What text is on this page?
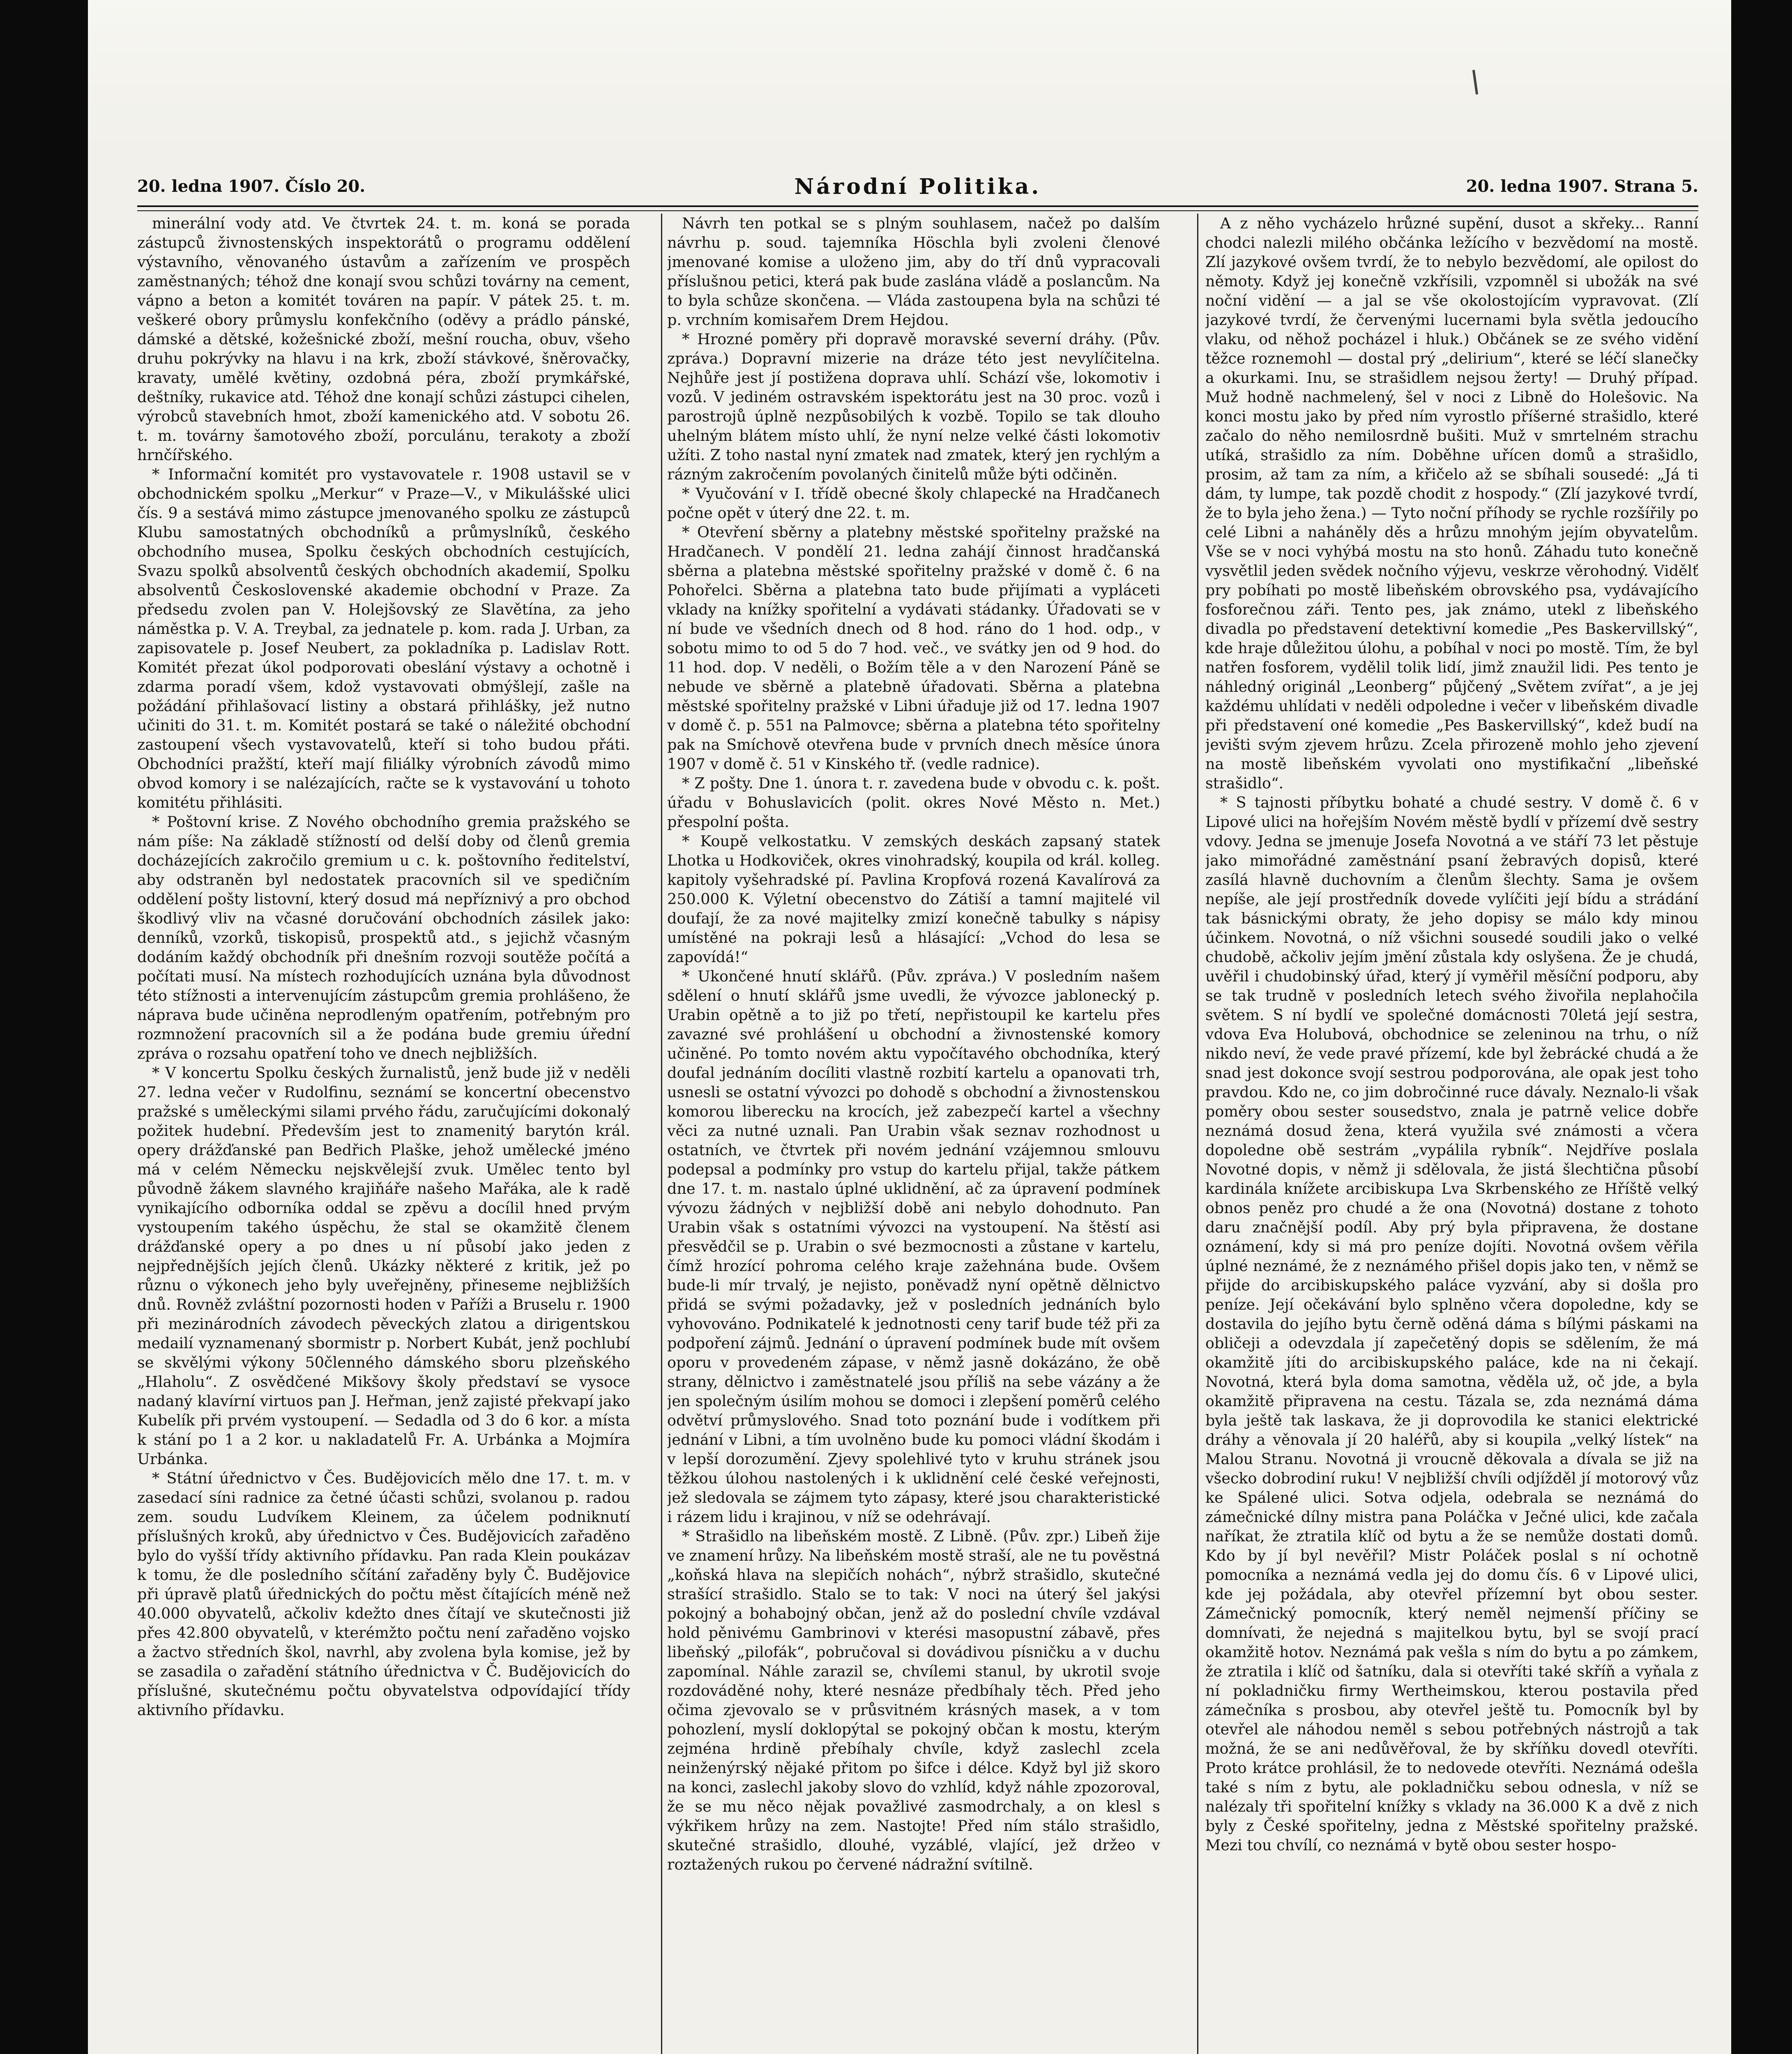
20. ledna 1907. Číslo 20.	Národní Politika.	20. ledna 1907. Strana 5.

minerální vody atd. Ve čtvrtek 24. t. m. koná se porada zástupců živnostenských inspektorátů o programu oddělení výstavního, věnovaného ústavům a zařízením ve prospěch zaměstnaných; téhož dne konají svou schůzi továrny na cement, vápno a beton a komitét továren na papír. V pátek 25. t. m. veškeré obory průmyslu konfekčního (oděvy a prádlo pánské, dámské a dětské, kožešnické zboží, mešní roucha, obuv, všeho druhu pokrývky na hlavu i na krk, zboží stávkové, šněrovačky, kravaty, umělé květiny, ozdobná péra, zboží prymkářské, deštníky, rukavice atd. Téhož dne konají schůzi zástupci cihelen, výrobců stavebních hmot, zboží kamenického atd. V sobotu 26. t. m. továrny šamotového zboží, porculánu, terakoty a zboží hrnčířského.

* Informační komitét pro vystavovatele r. 1908 ustavil se v obchodnickém spolku „Merkur“ v Praze—V., v Mikulášské ulici čís. 9 a sestává mimo zástupce jmenovaného spolku ze zástupců Klubu samostatných obchodníků a průmyslníků, českého obchodního musea, Spolku českých obchodních cestujících, Svazu spolků absolventů českých obchodních akademií, Spolku absolventů Československé akademie obchodní v Praze. Za předsedu zvolen pan V. Holejšovský ze Slavětína, za jeho náměstka p. V. A. Treybal, za jednatele p. kom. rada J. Urban, za zapisovatele p. Josef Neubert, za pokladníka p. Ladislav Rott. Komitét přezat úkol podporovati obeslání výstavy a ochotně i zdarma poradí všem, kdož vystavovati obmýšlejí, zašle na požádání přihlašovací listiny a obstará přihlášky, jež nutno učiniti do 31. t. m. Komitét postará se také o náležité obchodní zastoupení všech vystavovatelů, kteří si toho budou přáti. Obchodníci pražští, kteří mají filiálky výrobních závodů mimo obvod komory i se nalézajících, račte se k vystavování u tohoto komitétu přihlásiti.

* Poštovní krise. Z Nového obchodního gremia pražského se nám píše: Na základě stížností od delší doby od členů gremia docházejících zakročilo gremium u c. k. poštovního ředitelství, aby odstraněn byl nedostatek pracovních sil ve spedičním oddělení pošty listovní, který dosud má nepříznivý a pro obchod škodlivý vliv na včasné doručování obchodních zásilek jako: denníků, vzorků, tiskopisů, prospektů atd., s jejichž včasným dodáním každý obchodník při dnešním rozvoji soutěže počítá a počítati musí. Na místech rozhodujících uznána byla důvodnost této stížnosti a intervenujícím zástupcům gremia prohlášeno, že náprava bude učiněna neprodleným opatřením, potřebným pro rozmnožení pracovních sil a že podána bude gremiu úřední zpráva o rozsahu opatření toho ve dnech nejbližších.

* V koncertu Spolku českých žurnalistů, jenž bude již v neděli 27. ledna večer v Rudolfinu, seznámí se koncertní obecenstvo pražské s uměleckými silami prvého řádu, zaručujícími dokonalý požitek hudební. Především jest to znamenitý barytón král. opery drážďanské pan Bedřich Plaške, jehož umělecké jméno má v celém Německu nejskvělejší zvuk. Umělec tento byl původně žákem slavného krajiňáře našeho Mařáka, ale k radě vynikajícího odborníka oddal se zpěvu a docílil hned prvým vystoupením takého úspěchu, že stal se okamžitě členem drážďanské opery a po dnes u ní působí jako jeden z nejpřednějších jejích členů. Ukázky některé z kritik, jež po různu o výkonech jeho byly uveřejněny, přineseme nejbližších dnů. Rovněž zvláštní pozornosti hoden v Paříži a Bruselu r. 1900 při mezinárodních závodech pěveckých zlatou a dirigentskou medailí vyznamenaný sbormistr p. Norbert Kubát, jenž pochlubí se skvělými výkony 50členného dámského sboru plzeňského „Hlaholu“. Z osvědčené Mikšovy školy představí se vysoce nadaný klavírní virtuos pan J. Heřman, jenž zajisté překvapí jako Kubelík při prvém vystoupení. — Sedadla od 3 do 6 kor. a místa k stání po 1 a 2 kor. u nakladatelů Fr. A. Urbánka a Mojmíra Urbánka.

* Státní úřednictvo v Čes. Budějovicích mělo dne 17. t. m. v zasedací síni radnice za četné účasti schůzi, svolanou p. radou zem. soudu Ludvíkem Kleinem, za účelem podniknutí příslušných kroků, aby úřednictvo v Čes. Budějovicích zařaděno bylo do vyšší třídy aktivního přídavku. Pan rada Klein poukázav k tomu, že dle posledního sčítání zařaděny byly Č. Budějovice při úpravě platů úřednických do počtu měst čítajících méně než 40.000 obyvatelů, ačkoliv kdežto dnes čítají ve skutečnosti již přes 42.800 obyvatelů, v kterémžto počtu není zařaděno vojsko a žactvo středních škol, navrhl, aby zvolena byla komise, jež by se zasadila o zařadění státního úřednictva v Č. Budějovicích do příslušné, skutečnému počtu obyvatelstva odpovídající třídy aktivního přídavku.

Návrh ten potkal se s plným souhlasem, načež po dalším návrhu p. soud. tajemníka Höschla byli zvoleni členové jmenované komise a uloženo jim, aby do tří dnů vypracovali příslušnou petici, která pak bude zaslána vládě a poslancům. Na to byla schůze skončena. — Vláda zastoupena byla na schůzi té p. vrchním komisařem Drem Hejdou.

* Hrozné poměry při dopravě moravské severní dráhy. (Pův. zpráva.) Dopravní mizerie na dráze této jest nevylíčitelna. Nejhůře jest jí postižena doprava uhlí. Schází vše, lokomotiv i vozů. V jediném ostravském ispektorátu jest na 30 proc. vozů i parostrojů úplně nezpůsobilých k vozbě. Topilo se tak dlouho uhelným blátem místo uhlí, že nyní nelze velké části lokomotiv užíti. Z toho nastal nyní zmatek nad zmatek, který jen rychlým a rázným zakročením povolaných činitelů může býti odčiněn.

* Vyučování v I. třídě obecné školy chlapecké na Hradčanech počne opět v úterý dne 22. t. m.

* Otevření sběrny a platebny městské spořitelny pražské na Hradčanech. V pondělí 21. ledna zahájí činnost hradčanská sběrna a platebna městské spořitelny pražské v domě č. 6 na Pohořelci. Sběrna a platebna tato bude přijímati a vypláceti vklady na knížky spořitelní a vydávati stádanky. Úřadovati se v ní bude ve všedních dnech od 8 hod. ráno do 1 hod. odp., v sobotu mimo to od 5 do 7 hod. več., ve svátky jen od 9 hod. do 11 hod. dop. V neděli, o Božím těle a v den Narození Páně se nebude ve sběrně a platebně úřadovati. Sběrna a platebna městské spořitelny pražské v Libni úřaduje již od 17. ledna 1907 v domě č. p. 551 na Palmovce; sběrna a platebna této spořitelny pak na Smíchově otevřena bude v prvních dnech měsíce února 1907 v domě č. 51 v Kinského tř. (vedle radnice).

* Z pošty. Dne 1. února t. r. zavedena bude v obvodu c. k. pošt. úřadu v Bohuslavicích (polit. okres Nové Město n. Met.) přespolní pošta.

* Koupě velkostatku. V zemských deskách zapsaný statek Lhotka u Hodkoviček, okres vinohradský, koupila od král. kolleg. kapitoly vyšehradské pí. Pavlina Kropfová rozená Kavalírová za 250.000 K. Výletní obecenstvo do Zátiší a tamní majitelé vil doufají, že za nové majitelky zmizí konečně tabulky s nápisy umístěné na pokraji lesů a hlásající: „Vchod do lesa se zapovídá!“

* Ukončené hnutí sklářů. (Pův. zpráva.) V posledním našem sdělení o hnutí sklářů jsme uvedli, že vývozce jablonecký p. Urabin opětně a to již po třetí, nepřistoupil ke kartelu přes zavazné své prohlášení u obchodní a živnostenské komory učiněné. Po tomto novém aktu vypočítavého obchodníka, který doufal jednáním docíliti vlastně rozbití kartelu a opanovati trh, usnesli se ostatní vývozci po dohodě s obchodní a živnostenskou komorou liberecku na krocích, jež zabezpečí kartel a všechny věci za nutné uznali. Pan Urabin však seznav rozhodnost u ostatních, ve čtvrtek při novém jednání vzájemnou smlouvu podepsal a podmínky pro vstup do kartelu přijal, takže pátkem dne 17. t. m. nastalo úplné uklidnění, ač za úpravení podmínek vývozu žádných v nejbližší době ani nebylo dohodnuto. Pan Urabin však s ostatními vývozci na vystoupení. Na štěstí asi přesvědčil se p. Urabin o své bezmocnosti a zůstane v kartelu, čímž hrozící pohroma celého kraje zažehnána bude. Ovšem bude-li mír trvalý, je nejisto, poněvadž nyní opětně dělnictvo přidá se svými požadavky, jež v posledních jednáních bylo vyhovováno. Podnikatelé k jednotnosti ceny tarif bude též při za podpoření zájmů. Jednání o úpravení podmínek bude mít ovšem oporu v provedeném zápase, v němž jasně dokázáno, že obě strany, dělnictvo i zaměstnatelé jsou příliš na sebe vázány a že jen společným úsilím mohou se domoci i zlepšení poměrů celého odvětví průmyslového. Snad toto poznání bude i vodítkem při jednání v Libni, a tím uvolněno bude ku pomoci vládní škodám i v lepší dorozumění. Zjevy spolehlivé tyto v kruhu stránek jsou těžkou úlohou nastolených i k uklidnění celé české veřejnosti, jež sledovala se zájmem tyto zápasy, které jsou charakteristické i rázem lidu i krajinou, v níž se odehrávají.

* Strašidlo na libeňském mostě. Z Libně. (Pův. zpr.) Libeň žije ve znamení hrůzy. Na libeňském mostě straší, ale ne tu pověstná „koňská hlava na slepičích nohách“, nýbrž strašidlo, skutečné strašící strašidlo. Stalo se to tak: V noci na úterý šel jakýsi pokojný a bohabojný občan, jenž až do poslední chvíle vzdával hold pěnivému Gambrinovi v kterési masopustní zábavě, přes libeňský „pilofák“, pobručoval si dovádivou písničku a v duchu zapomínal. Náhle zarazil se, chvílemi stanul, by ukrotil svoje rozdováděné nohy, které nesnáze předbíhaly těch. Před jeho očima zjevovalo se v průsvitném krásných masek, a v tom pohozlení, myslí doklopýtal se pokojný občan k mostu, kterým zejména hrdině přebíhaly chvíle, když zaslechl zcela neinženýrský nějaké přitom po šifce i délce. Když byl již skoro na konci, zaslechl jakoby slovo do vzhlíd, když náhle zpozoroval, že se mu něco nějak považlivé zasmodrchaly, a on klesl s výkřikem hrůzy na zem. Nastojte! Před ním stálo strašidlo, skutečné strašidlo, dlouhé, vyzáblé, vlající, jež držeo v roztažených rukou po červené nádražní svítilně.

A z něho vycházelo hrůzné supění, dusot a skřeky... Ranní chodci nalezli milého občánka ležícího v bezvědomí na mostě. Zlí jazykové ovšem tvrdí, že to nebylo bezvědomí, ale opilost do němoty. Když jej konečně vzkřísili, vzpomněl si ubožák na své noční vidění — a jal se vše okolostojícím vypravovat. (Zlí jazykové tvrdí, že červenými lucernami byla světla jedoucího vlaku, od něhož pocházel i hluk.) Občánek se ze svého vidění těžce roznemohl — dostal prý „delirium“, které se léčí slanečky a okurkami. Inu, se strašidlem nejsou žerty! — Druhý případ. Muž hodně nachmelený, šel v noci z Libně do Holešovic. Na konci mostu jako by před ním vyrostlo příšerné strašidlo, které začalo do něho nemilosrdně bušiti. Muž v smrtelném strachu utíká, strašidlo za ním. Doběhne uřícen domů a strašidlo, prosim, až tam za ním, a křičelo až se sbíhali sousedé: „Já ti dám, ty lumpe, tak pozdě chodit z hospody.“ (Zlí jazykové tvrdí, že to byla jeho žena.) — Tyto noční příhody se rychle rozšířily po celé Libni a naháněly děs a hrůzu mnohým jejím obyvatelům. Vše se v noci vyhýbá mostu na sto honů. Záhadu tuto konečně vysvětlil jeden svědek nočního výjevu, veskrze věrohodný. Vidělť pry pobíhati po mostě libeňském obrovského psa, vydávajícího fosforečnou záři. Tento pes, jak známo, utekl z libeňského divadla po představení detektivní komedie „Pes Baskervillský“, kde hraje důležitou úlohu, a pobíhal v noci po mostě. Tím, že byl natřen fosforem, vydělil tolik lidí, jimž znaužil lidi. Pes tento je náhledný originál „Leonberg“ půjčený „Světem zvířat“, a je jej každému uhlídati v neděli odpoledne i večer v libeňském divadle při představení oné komedie „Pes Baskervillský“, kdež budí na jevišti svým zjevem hrůzu. Zcela přirozeně mohlo jeho zjevení na mostě libeňském vyvolati ono mystifikační „libeňské strašidlo“.

* S tajnosti příbytku bohaté a chudé sestry. V domě č. 6 v Lipové ulici na hořejším Novém městě bydlí v přízemí dvě sestry vdovy. Jedna se jmenuje Josefa Novotná a ve stáří 73 let pěstuje jako mimořádné zaměstnání psaní žebravých dopisů, které zasílá hlavně duchovním a členům šlechty. Sama je ovšem nepíše, ale její prostředník dovede vylíčiti její bídu a strádání tak básnickými obraty, že jeho dopisy se málo kdy minou účinkem. Novotná, o níž všichni sousedé soudili jako o velké chudobě, ačkoliv jejím jmění zůstala kdy oslyšena. Že je chudá, uvěřil i chudobinský úřad, který jí vyměřil měsíční podporu, aby se tak trudně v posledních letech svého živořila neplahočila světem. S ní bydlí ve společné domácnosti 70letá její sestra, vdova Eva Holubová, obchodnice se zeleninou na trhu, o níž nikdo neví, že vede pravé přízemí, kde byl žebrácké chudá a že snad jest dokonce svojí sestrou podporována, ale opak jest toho pravdou. Kdo ne, co jim dobročinné ruce dávaly. Neznalo-li však poměry obou sester sousedstvo, znala je patrně velice dobře neznámá dosud žena, která využila své známosti a včera dopoledne obě sestrám „vypálila rybník“. Nejdříve poslala Novotné dopis, v němž ji sdělovala, že jistá šlechtična působí kardinála knížete arcibiskupa Lva Skrbenského ze Hříště velký obnos peněz pro chudé a že ona (Novotná) dostane z tohoto daru značnější podíl. Aby prý byla připravena, že dostane oznámení, kdy si má pro peníze dojíti. Novotná ovšem věřila úplné neznámé, že z neznámého přišel dopis jako ten, v němž se přijde do arcibiskupského paláce vyzvání, aby si došla pro peníze. Její očekávání bylo splněno včera dopoledne, kdy se dostavila do jejího bytu černě oděná dáma s bílými páskami na obličeji a odevzdala jí zapečetěný dopis se sdělením, že má okamžitě jíti do arcibiskupského paláce, kde na ni čekají. Novotná, která byla doma samotna, věděla už, oč jde, a byla okamžitě připravena na cestu. Tázala se, zda neznámá dáma byla ještě tak laskava, že ji doprovodila ke stanici elektrické dráhy a věnovala jí 20 haléřů, aby si koupila „velký lístek“ na Malou Stranu. Novotná ji vroucně děkovala a dívala se již na všecko dobrodiní ruku! V nejbližší chvíli odjížděl jí motorový vůz ke Spálené ulici. Sotva odjela, odebrala se neznámá do zámečnické dílny mistra pana Poláčka v Ječné ulici, kde začala naříkat, že ztratila klíč od bytu a že se nemůže dostati domů. Kdo by jí byl nevěřil? Mistr Poláček poslal s ní ochotně pomocníka a neznámá vedla jej do domu čís. 6 v Lipové ulici, kde jej požádala, aby otevřel přízemní byt obou sester. Zámečnický pomocník, který neměl nejmenší příčiny se domnívati, že nejedná s majitelkou bytu, byl se svojí prací okamžitě hotov. Neznámá pak vešla s ním do bytu a po zámkem, že ztratila i klíč od šatníku, dala si otevříti také skříň a vyňala z ní pokladničku firmy Wertheimskou, kterou postavila před zámečníka s prosbou, aby otevřel ještě tu. Pomocník byl by otevřel ale náhodou neměl s sebou potřebných nástrojů a tak možná, že se ani nedůvěřoval, že by skříňku dovedl otevříti. Proto krátce prohlásil, že to nedovede otevříti. Neznámá odešla také s ním z bytu, ale pokladničku sebou odnesla, v níž se nalézaly tři spořitelní knížky s vklady na 36.000 K a dvě z nich byly z České spořitelny, jedna z Městské spořitelny pražské. Mezi tou chvílí, co neznámá v bytě obou sester hospo-
